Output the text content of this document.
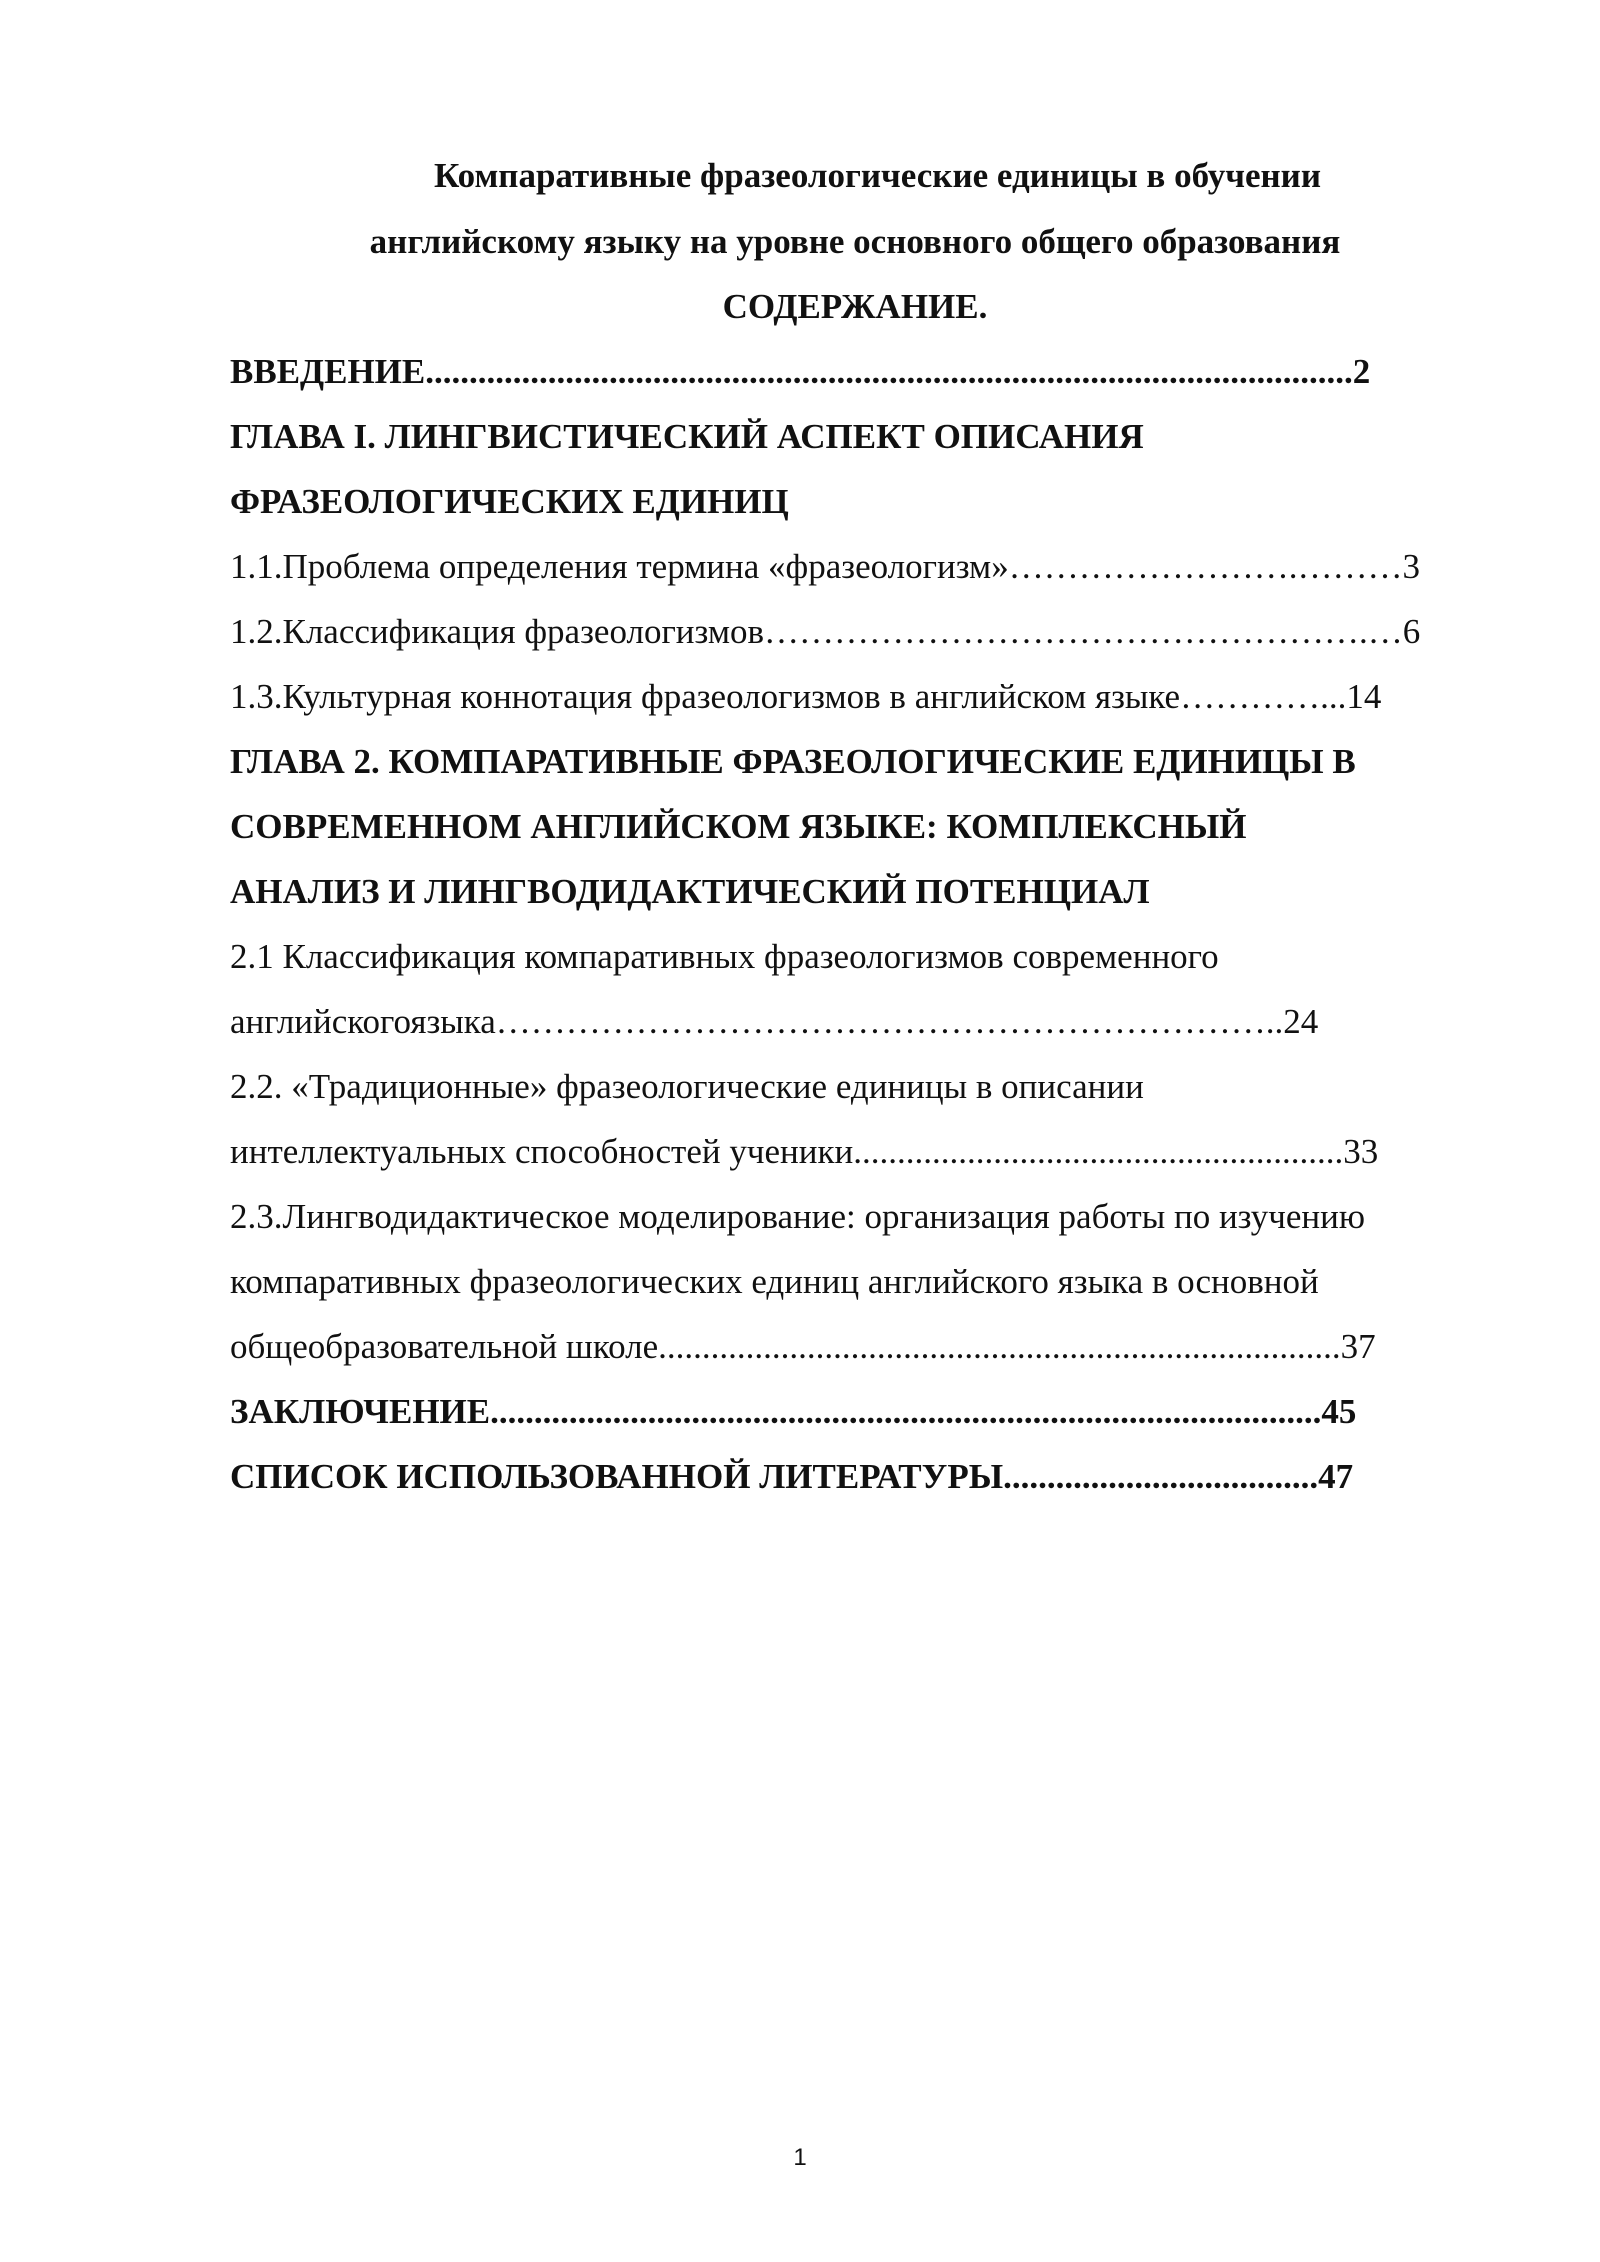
Компаративные фразеологические единицы в обучении
английскому языку на уровне основного общего образования
СОДЕРЖАНИЕ.
ВВЕДЕНИЕ..........................................................................................................2
ГЛАВА I. ЛИНГВИСТИЧЕСКИЙ АСПЕКТ ОПИСАНИЯ
ФРАЗЕОЛОГИЧЕСКИХ ЕДИНИЦ
1.1.Проблема определения термина «фразеологизм»…………………….………3
1.2.Классификация фразеологизмов…………………………………………….…6
1.3.Культурная коннотация фразеологизмов в английском языке…………...14
ГЛАВА 2. КОМПАРАТИВНЫЕ ФРАЗЕОЛОГИЧЕСКИЕ ЕДИНИЦЫ В
СОВРЕМЕННОМ АНГЛИЙСКОМ ЯЗЫКЕ: КОМПЛЕКСНЫЙ
АНАЛИЗ И ЛИНГВОДИДАКТИЧЕСКИЙ ПОТЕНЦИАЛ
2.1 Классификация компаративных фразеологизмов современного
английскогоязыка…………………………………………………………..24
2.2. «Традиционные» фразеологические единицы в описании
интеллектуальных способностей ученики........................................................33
2.3.Лингводидактическое моделирование: организация работы по изучению
компаративных фразеологических единиц английского языка в основной
общеобразовательной школе..............................................................................37
ЗАКЛЮЧЕНИЕ...............................................................................................45
СПИСОК ИСПОЛЬЗОВАННОЙ ЛИТЕРАТУРЫ....................................47
1
